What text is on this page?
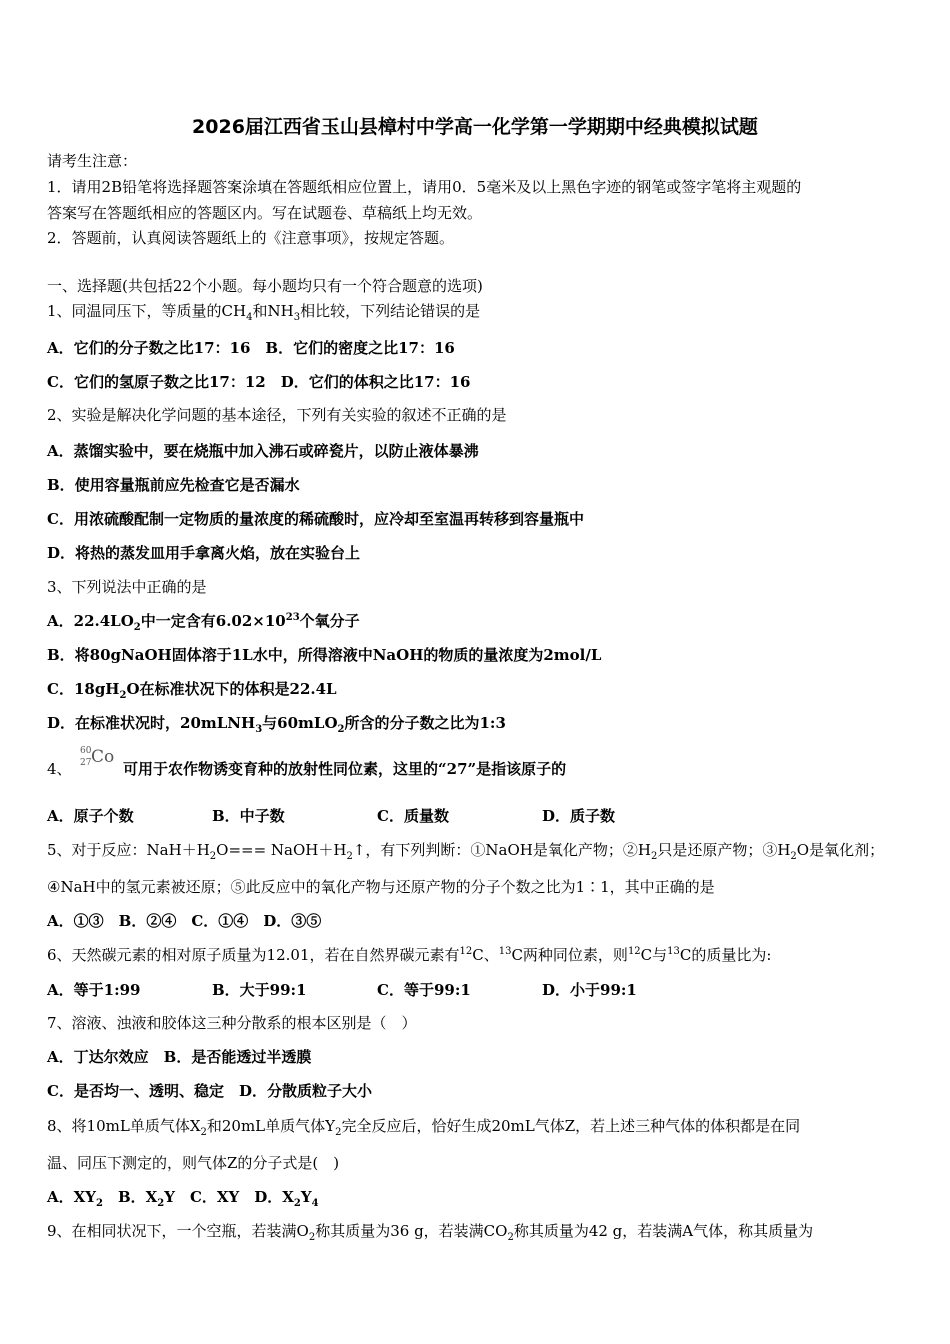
2026届江西省玉山县樟村中学高一化学第一学期期中经典模拟试题
请考生注意：
1．请用2B铅笔将选择题答案涂填在答题纸相应位置上，请用0．5毫米及以上黑色字迹的钢笔或签字笔将主观题的
答案写在答题纸相应的答题区内。写在试题卷、草稿纸上均无效。
2．答题前，认真阅读答题纸上的《注意事项》，按规定答题。
一、选择题(共包括22个小题。每小题均只有一个符合题意的选项)
1、同温同压下，等质量的$CH_4$和$NH_3$相比较，下列结论错误的是
A．它们的分子数之比17：16　B．它们的密度之比17：16
C．它们的氢原子数之比17：12　D．它们的体积之比17：16
2、实验是解决化学问题的基本途径，下列有关实验的叙述不正确的是
A．蒸馏实验中，要在烧瓶中加入沸石或碎瓷片，以防止液体暴沸
B．使用容量瓶前应先检查它是否漏水
C．用浓硫酸配制一定物质的量浓度的稀硫酸时，应冷却至室温再转移到容量瓶中
D．将热的蒸发皿用手拿离火焰，放在实验台上
3、下列说法中正确的是
A．$22.4LO_2$中一定含有$6.02\times 10^{23}$个氧分子
B．将80gNaOH固体溶于1L水中，所得溶液中NaOH的物质的量浓度为2mol/L
C．$18gH_2O$在标准状况下的体积是22.4L
D．在标准状况时，20mLNH$_3$与60mLO$_2$所含的分子数之比为1:3
4、
60
27 Co
可用于农作物诱变育种的放射性同位素，这里的“27”是指该原子的
A．原子个数	B．中子数	C．质量数	D．质子数
5、对于反应：$NaH+H_2O===$ $NaOH+H_2↑$，有下列判断：①NaOH是氧化产物；$②H_2$只是还原产物；$③H_2O$是氧化剂；
④NaH中的氢元素被还原；⑤此反应中的氧化产物与还原产物的分子个数之比为1∶1，其中正确的是
A．①③　B．②④　C．①④　D．③⑤
6、天然碳元素的相对原子质量为12.01，若在自然界碳元素有$^{12}$C、$^{13}$C两种同位素，则$^{12}$C与$^{13}$C的质量比为:
A．等于1:99	B．大于99:1	C．等于99:1	D．小于99:1
7、溶液、浊液和胶体这三种分散系的根本区别是（　）
A．丁达尔效应　B．是否能透过半透膜
C．是否均一、透明、稳定　D．分散质粒子大小
8、将10mL单质气体$X_2$和20mL单质气体$Y_2$完全反应后，恰好生成20mL气体Z，若上述三种气体的体积都是在同
温、同压下测定的，则气体Z的分子式是(　)
A．$XY_2$　B．$X_2Y$　C．XY　D．$X_2Y_4$
9、在相同状况下，一个空瓶，若装满$O_2$称其质量为36 g，若装满$CO_2$称其质量为42 g，若装满A气体，称其质量为
